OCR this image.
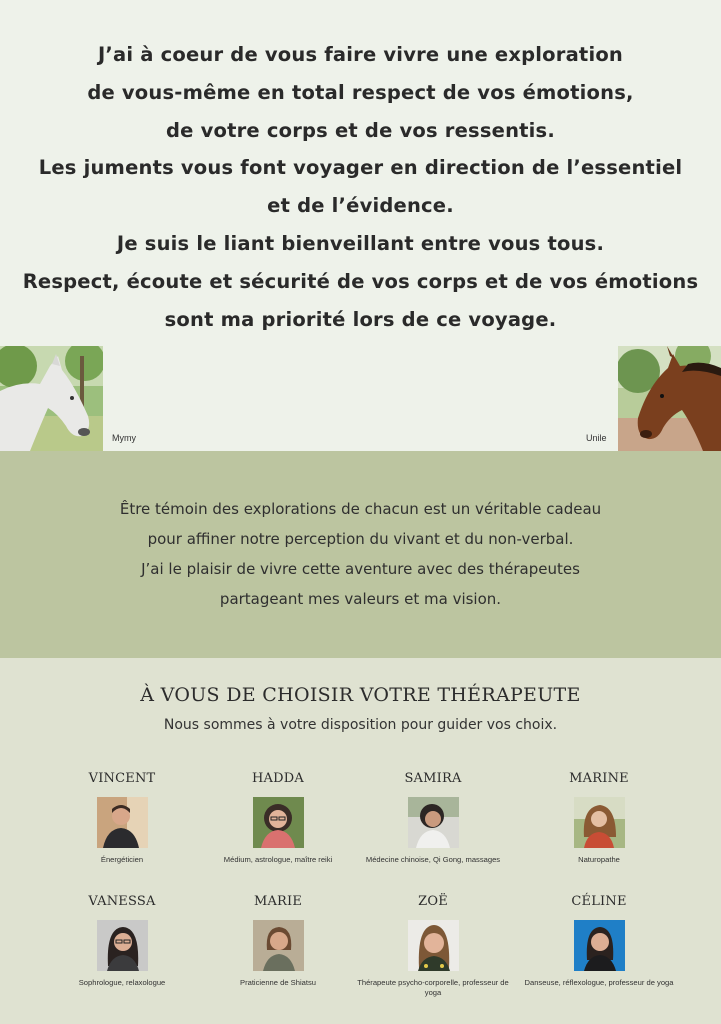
J’ai à coeur de vous faire vivre une exploration
de vous-même en total respect de vos émotions,
de votre corps et de vos ressentis.
Les juments vous font voyager en direction de l’essentiel
et de l’évidence.
Je suis le liant bienveillant entre vous tous.
Respect, écoute et sécurité de vos corps et de vos émotions
sont ma priorité lors de ce voyage.
Mymy	Unile
Être témoin des explorations de chacun est un véritable cadeau
pour affiner notre perception du vivant et du non-verbal.
J’ai le plaisir de vivre cette aventure avec des thérapeutes
partageant mes valeurs et ma vision.
À VOUS DE CHOISIR VOTRE THÉRAPEUTE
Nous sommes à votre disposition pour guider vos choix.
VINCENT
Énergéticien
HADDA
Médium, astrologue, maître reiki
SAMIRA
Médecine chinoise, Qi Gong, massages
MARINE
Naturopathe
VANESSA
Sophrologue, relaxologue
MARIE
Praticienne de Shiatsu
ZOË
Thérapeute psycho-corporelle, professeur de yoga
CÉLINE
Danseuse, réflexologue, professeur de yoga
